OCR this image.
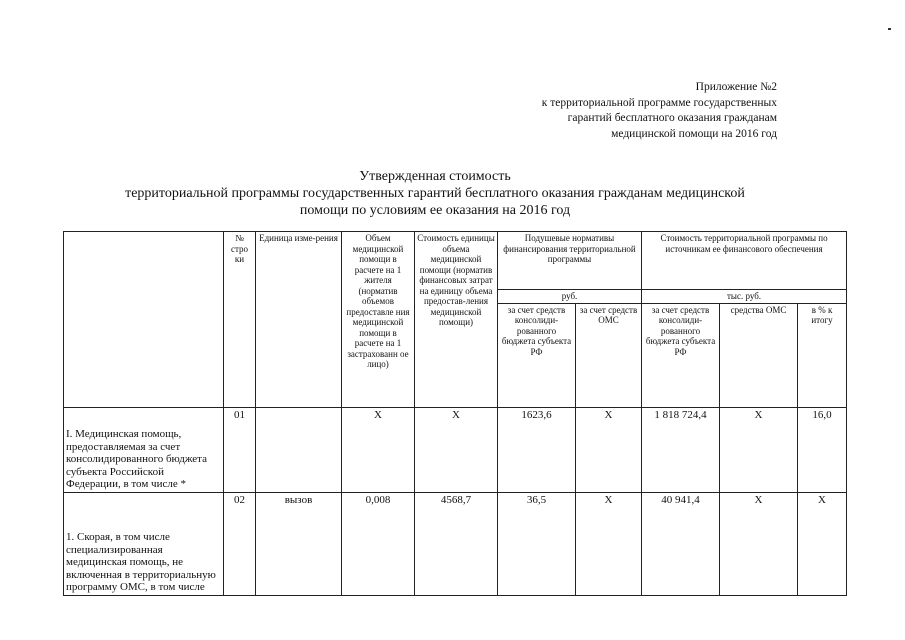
Приложение №2
к территориальной программе государственных
гарантий бесплатного оказания гражданам
медицинской помощи на 2016 год
Утвержденная стоимость
территориальной программы государственных гарантий бесплатного оказания гражданам медицинской
помощи по условиям ее оказания на 2016 год
	№ стро ки	Единица изме-рения	Объем медицинской помощи в расчете на 1 жителя (норматив объемов предоставле ния медицинской помощи в расчете на 1 застрахованн ое лицо)	Стоимость единицы объема медицинской помощи (норматив финансовых затрат на единицу объема предостав-ления медицинской помощи)	Подушевые нормативы финансирования территориальной программы		Стоимость территориальной программы по источникам ее финансового обеспечения		
					руб.		тыс. руб.		
					за счет средств консолиди-рованного бюджета субъекта РФ	за счет средств ОМС	за счет средств консолиди-рованного бюджета субъекта РФ	средства ОМС	в % к итогу
I. Медицинская помощь, предоставляемая за счет консолидированного бюджета субъекта Российской Федерации, в том числе *	01		X	X	1623,6	X	1 818 724,4	X	16,0
1. Скорая, в том числе специализированная медицинская помощь, не включенная в территориальную программу ОМС, в том числе	02	вызов	0,008	4568,7	36,5	X	40 941,4	X	X
